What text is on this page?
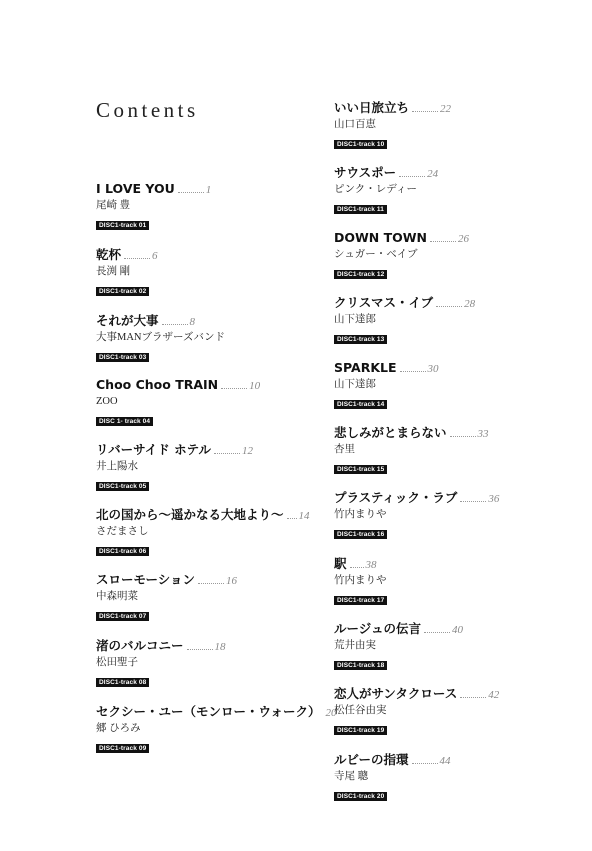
Contents
I LOVE YOU	1
尾崎 豊
DISC1-track 01
乾杯	6
長渕 剛
DISC1-track 02
それが大事	8
大事MANブラザーズバンド
DISC1-track 03
Choo Choo TRAIN	10
ZOO
DISC 1- track 04
リバーサイド ホテル	12
井上陽水
DISC1-track 05
北の国から～遥かなる大地より～ 14
さだまさし
DISC1-track 06
スローモーション	16
中森明菜
DISC1-track 07
渚のバルコニー	18
松田聖子
DISC1-track 08
セクシー・ユー（モンロー・ウォーク） 20
郷 ひろみ
DISC1-track 09
いい日旅立ち	22
山口百恵
DISC1-track 10
サウスポー	24
ピンク・レディー
DISC1-track 11
DOWN TOWN	26
シュガー・ベイブ
DISC1-track 12
クリスマス・イブ	28
山下達郎
DISC1-track 13
SPARKLE	30
山下達郎
DISC1-track 14
悲しみがとまらない	33
杏里
DISC1-track 15
プラスティック・ラブ	36
竹内まりや
DISC1-track 16
駅 38
竹内まりや
DISC1-track 17
ルージュの伝言	40
荒井由実
DISC1-track 18
恋人がサンタクロース	42
松任谷由実
DISC1-track 19
ルビーの指環	44
寺尾 聰
DISC1-track 20
